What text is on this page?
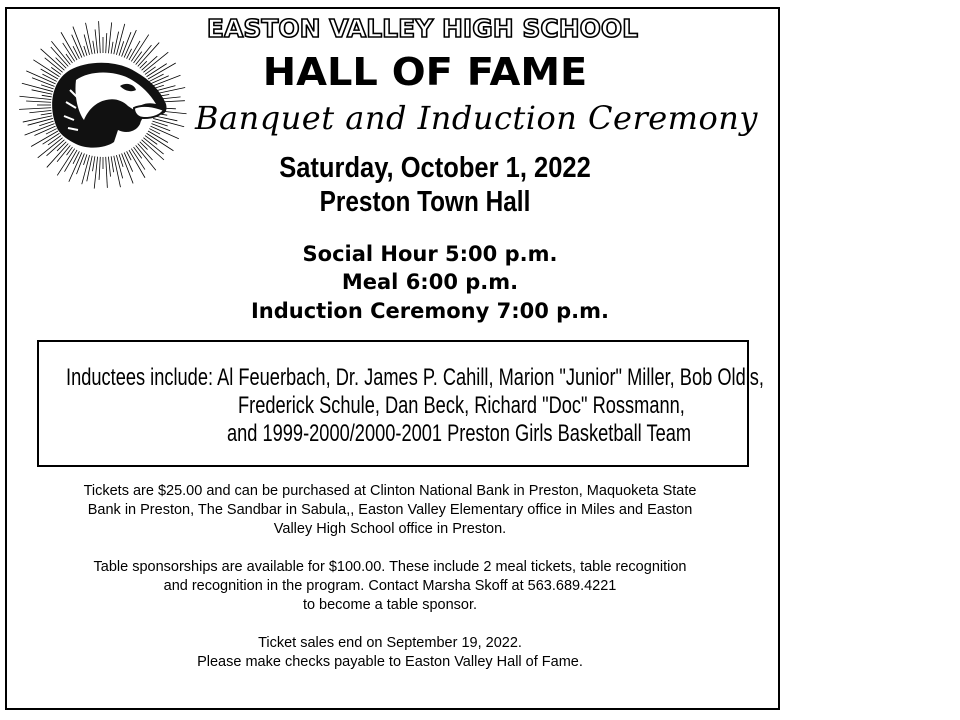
EASTON VALLEY HIGH SCHOOL
HALL OF FAME
Banquet and Induction Ceremony
Saturday, October 1, 2022
Preston Town Hall
Social Hour 5:00 p.m.
Meal 6:00 p.m.
Induction Ceremony 7:00 p.m.
Inductees include: Al Feuerbach, Dr. James P. Cahill, Marion "Junior" Miller, Bob Oldis,
Frederick Schule, Dan Beck, Richard "Doc" Rossmann,
and 1999-2000/2000-2001 Preston Girls Basketball Team
Tickets are $25.00 and can be purchased at Clinton National Bank in Preston, Maquoketa State
Bank in Preston, The Sandbar in Sabula,, Easton Valley Elementary office in Miles and Easton
Valley High School office in Preston.
Table sponsorships are available for $100.00. These include 2 meal tickets, table recognition
and recognition in the program. Contact Marsha Skoff at 563.689.4221
to become a table sponsor.
Ticket sales end on September 19, 2022.
Please make checks payable to Easton Valley Hall of Fame.
